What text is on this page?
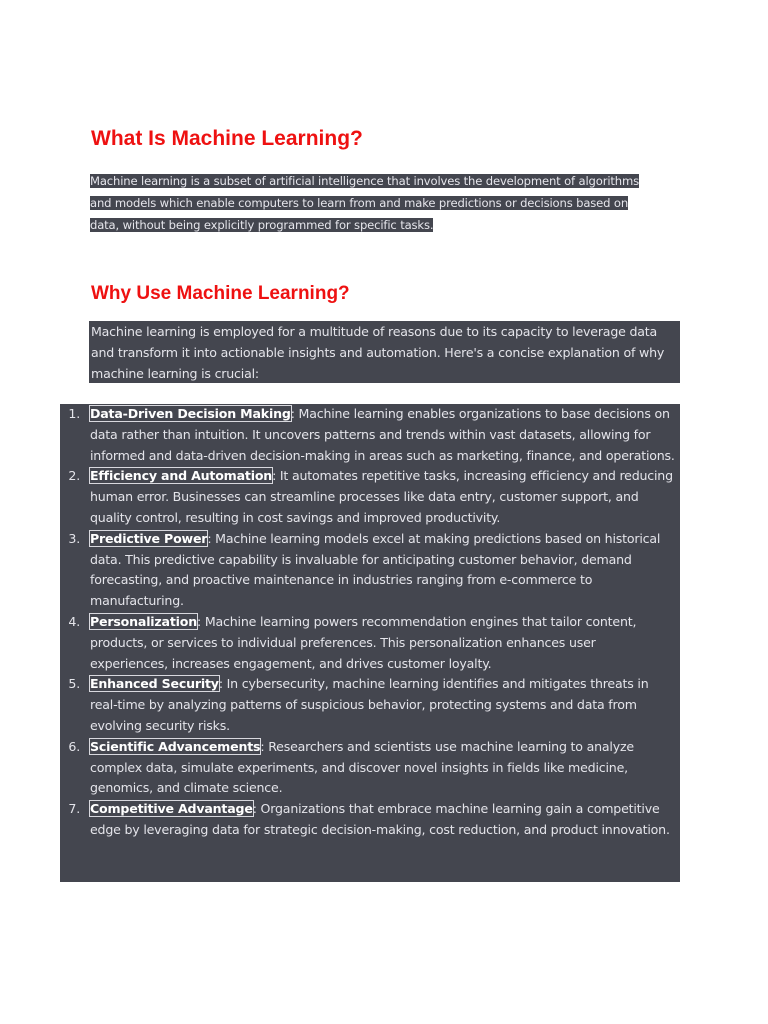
What Is Machine Learning?
Machine learning is a subset of artificial intelligence that involves the development of algorithms
and models which enable computers to learn from and make predictions or decisions based on
data, without being explicitly programmed for specific tasks.
Why Use Machine Learning?
Machine learning is employed for a multitude of reasons due to its capacity to leverage data and transform it into actionable insights and automation. Here's a concise explanation of why machine learning is crucial:
1. Data-Driven Decision Making: Machine learning enables organizations to base decisions on data rather than intuition. It uncovers patterns and trends within vast datasets, allowing for informed and data-driven decision-making in areas such as marketing, finance, and operations.
2. Efficiency and Automation: It automates repetitive tasks, increasing efficiency and reducing human error. Businesses can streamline processes like data entry, customer support, and quality control, resulting in cost savings and improved productivity.
3. Predictive Power: Machine learning models excel at making predictions based on historical data. This predictive capability is invaluable for anticipating customer behavior, demand forecasting, and proactive maintenance in industries ranging from e-commerce to manufacturing.
4. Personalization: Machine learning powers recommendation engines that tailor content, products, or services to individual preferences. This personalization enhances user experiences, increases engagement, and drives customer loyalty.
5. Enhanced Security: In cybersecurity, machine learning identifies and mitigates threats in real-time by analyzing patterns of suspicious behavior, protecting systems and data from evolving security risks.
6. Scientific Advancements: Researchers and scientists use machine learning to analyze complex data, simulate experiments, and discover novel insights in fields like medicine, genomics, and climate science.
7. Competitive Advantage: Organizations that embrace machine learning gain a competitive edge by leveraging data for strategic decision-making, cost reduction, and product innovation.
